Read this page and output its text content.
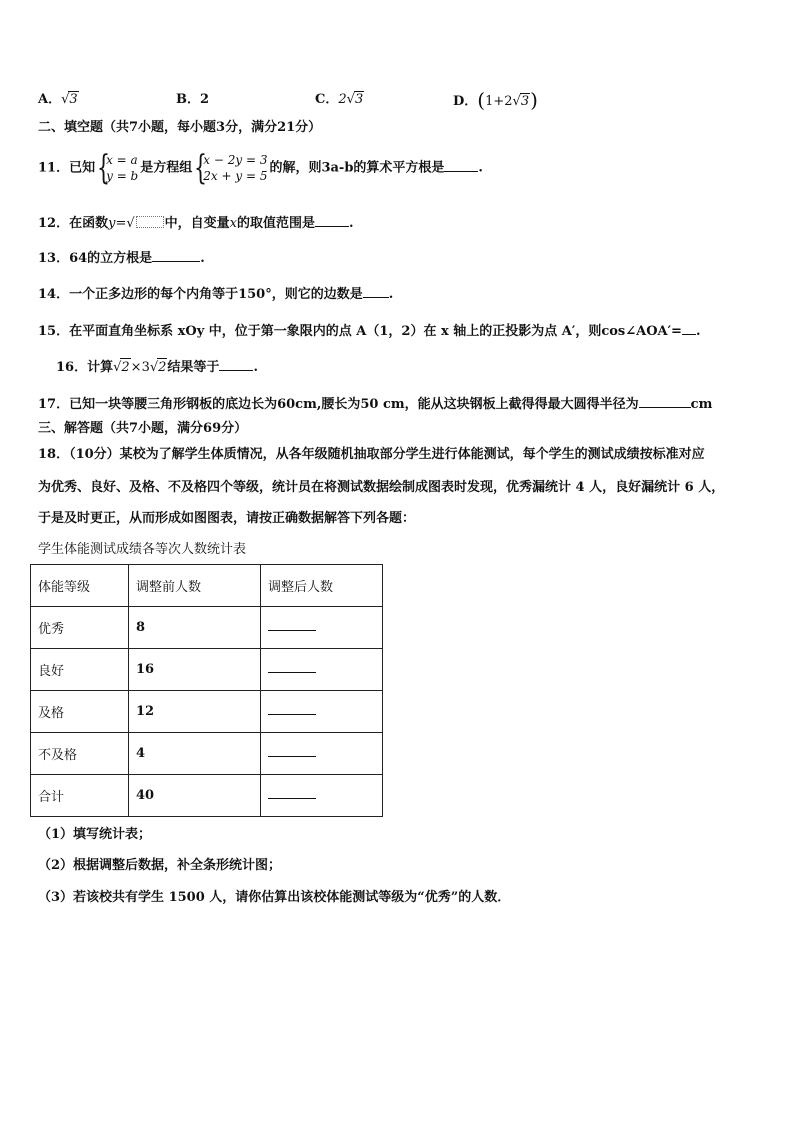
A．√3	B．2	C．2√3	D．(1+2√3)
二、填空题（共7小题，每小题3分，满分21分）
11．已知 {
x = a
y = b
是方程组 {
x − 2y = 3
2x + y = 5
的解，则3a-b的算术平方根是	.
12．在函数y=√ 中，自变量x的取值范围是	.
13．64的立方根是	.
14．一个正多边形的每个内角等于150°，则它的边数是 .
15．在平面直角坐标系 xOy 中，位于第一象限内的点 A（1，2）在 x 轴上的正投影为点 A′，则cos∠AOA′= .
16．计算√2×3√2结果等于	.
17．已知一块等腰三角形钢板的底边长为60cm,腰长为50 cm，能从这块钢板上截得得最大圆得半径为	cm
三、解答题（共7小题，满分69分）
18．（10分）某校为了解学生体质情况，从各年级随机抽取部分学生进行体能测试，每个学生的测试成绩按标准对应
为优秀、良好、及格、不及格四个等级，统计员在将测试数据绘制成图表时发现，优秀漏统计 4 人，良好漏统计 6 人，
于是及时更正，从而形成如图图表，请按正确数据解答下列各题：
学生体能测试成绩各等次人数统计表
体能等级	调整前人数	调整后人数
优秀	8	
良好	16	
及格	12	
不及格	4	
合计	40	
（1）填写统计表；
（2）根据调整后数据，补全条形统计图；
（3）若该校共有学生 1500 人，请你估算出该校体能测试等级为“优秀”的人数．
